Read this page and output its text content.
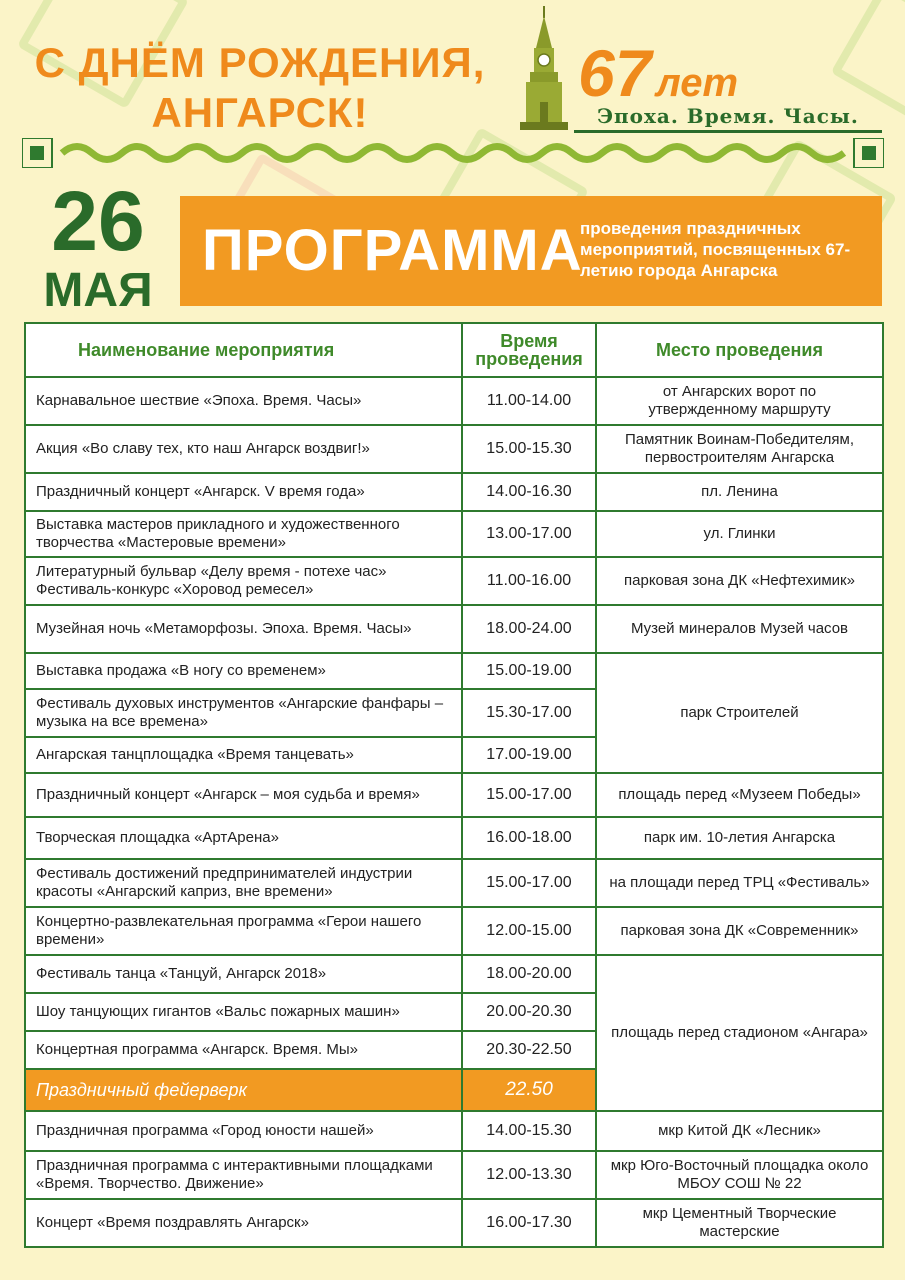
С ДНЁМ РОЖДЕНИЯ,
АНГАРСК!
67 лет
Эпоха. Время. Часы.
26
МАЯ
ПРОГРАММА
проведения праздничных мероприятий, посвященных 67-летию города Ангарска
Наименование мероприятия	Время проведения	Место проведения
Карнавальное шествие «Эпоха. Время. Часы»	11.00-14.00	от Ангарских ворот по утвержденному маршруту
Акция «Во славу тех, кто наш Ангарск воздвиг!»	15.00-15.30	Памятник Воинам-Победителям, первостроителям Ангарска
Праздничный концерт «Ангарск. V время года»	14.00-16.30	пл. Ленина
Выставка мастеров прикладного и художественного творчества «Мастеровые времени»	13.00-17.00	ул. Глинки
Литературный бульвар «Делу время - потехе час» Фестиваль-конкурс «Хоровод ремесел»	11.00-16.00	парковая зона ДК «Нефтехимик»
Музейная ночь «Метаморфозы. Эпоха. Время. Часы»	18.00-24.00	Музей минералов Музей часов
Выставка продажа «В ногу со временем»	15.00-19.00	парк Строителей
Фестиваль духовых инструментов «Ангарские фанфары – музыка на все времена»	15.30-17.00	
Ангарская танцплощадка «Время танцевать»	17.00-19.00	
Праздничный концерт «Ангарск – моя судьба и время»	15.00-17.00	площадь перед «Музеем Победы»
Творческая площадка «АртАрена»	16.00-18.00	парк им. 10-летия Ангарска
Фестиваль достижений предпринимателей индустрии красоты «Ангарский каприз, вне времени»	15.00-17.00	на площади перед ТРЦ «Фестиваль»
Концертно-развлекательная программа «Герои нашего времени»	12.00-15.00	парковая зона ДК «Современник»
Фестиваль танца «Танцуй, Ангарск 2018»	18.00-20.00	площадь перед стадионом «Ангара»
Шоу танцующих гигантов «Вальс пожарных машин»	20.00-20.30	
Концертная программа «Ангарск. Время. Мы»	20.30-22.50	
Праздничный фейерверк	22.50	
Праздничная программа «Город юности нашей»	14.00-15.30	мкр Китой ДК «Лесник»
Праздничная программа с интерактивными площадками «Время. Творчество. Движение»	12.00-13.30	мкр Юго-Восточный площадка около МБОУ СОШ № 22
Концерт «Время поздравлять Ангарск»	16.00-17.30	мкр Цементный Творческие мастерские
